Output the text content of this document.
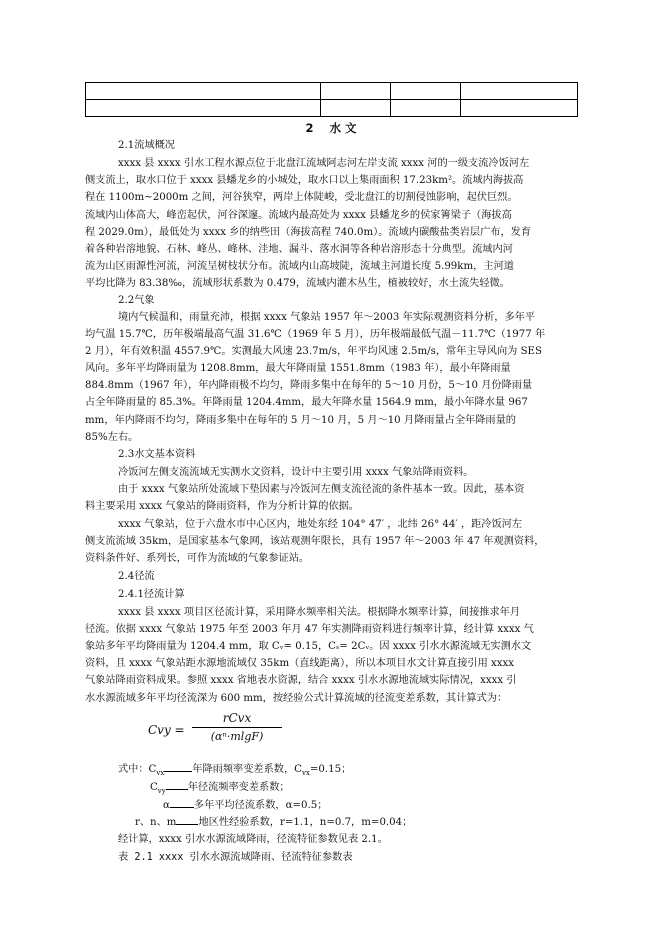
2 水 文
2.1流域概况
xxxx 县 xxxx 引水工程水源点位于北盘江流域阿志河左岸支流 xxxx 河的一级支流冷饭河左
侧支流上，取水口位于 xxxx 县蟠龙乡的小城处，取水口以上集雨面积 17.23km²。流域内海拔高
程在 1100m~2000m 之间，河谷狭窄，两岸上体陡峻，受北盘江的切割侵蚀影响，起伏巨烈。
流域内山体高大，峰峦起伏，河谷深邃。流域内最高处为 xxxx 县蟠龙乡的侯家箐梁子（海拔高
程 2029.0m），最低处为 xxxx 乡的纳些田（海拔高程 740.0m）。流域内碳酸盐类岩层广布，发育
着各种岩溶地貌、石林、峰丛、峰林、洼地、漏斗、落水洞等各种岩溶形态十分典型。流域内河
流为山区雨源性河流，河流呈树枝状分布。流域内山高坡陡，流域主河道长度 5.99km，主河道
平均比降为 83.38‰，流域形状系数为 0.479，流域内灌木丛生，植被较好，水土流失轻微。
2.2气象
境内气候温和，雨量充沛，根据 xxxx 气象站 1957 年～2003 年实际观测资料分析，多年平
均气温 15.7℃，历年极端最高气温 31.6℃（1969 年 5 月），历年极端最低气温－11.7℃（1977 年
2 月），年有效积温 4557.9℃。实测最大风速 23.7m/s，年平均风速 2.5m/s，常年主导风向为 SES
风向。多年平均降雨量为 1208.8mm，最大年降雨量 1551.8mm（1983 年），最小年降雨量
884.8mm（1967 年），年内降雨极不均匀，降雨多集中在每年的 5～10 月份，5～10 月份降雨量
占全年降雨量的 85.3%。年降雨量 1204.4mm，最大年降水量 1564.9 mm，最小年降水量 967
mm，年内降雨不均匀，降雨多集中在每年的 5 月～10 月，5 月～10 月降雨量占全年降雨量的
85%左右。
2.3水文基本资料
冷饭河左侧支流流域无实测水文资料，设计中主要引用 xxxx 气象站降雨资料。
由于 xxxx 气象站所处流域下垫因素与冷饭河左侧支流径流的条件基本一致。因此，基本资
料主要采用 xxxx 气象站的降雨资料，作为分析计算的依据。
xxxx 气象站，位于六盘水市中心区内，地处东经 104° 47′ ，北纬 26° 44′ ，距冷饭河左
侧支流流域 35km，是国家基本气象网，该站观测年限长，具有 1957 年～2003 年 47 年观测资料，
资料条件好、系列长，可作为流域的气象参证站。
2.4径流
2.4.1径流计算
xxxx 县 xxxx 项目区径流计算，采用降水频率相关法。根据降水频率计算，间接推求年月
径流。依据 xxxx 气象站 1975 年至 2003 年月 47 年实测降雨资料进行频率计算，经计算 xxxx 气
象站多年平均降雨量为 1204.4 mm，取 Cᵥ= 0.15，Cₛ= 2Cᵥ。因 xxxx 引水水源流域无实测水文
资料，且 xxxx 气象站距水源地流域仅 35km（直线距离），所以本项目水文计算直接引用 xxxx
气象站降雨资料成果。参照 xxxx 省地表水资源，结合 xxxx 引水水源地流域实际情况，xxxx 引
水水源流域多年平均径流深为 600 mm，按经验公式计算流域的径流变差系数，其计算式为：
Cvy =
rCvx
(αⁿ·mlgF)
式中：$C_{vx}$	年降雨频率变差系数，$C_{vx}=0.15$；
$C_{vy}$ 年径流频率变差系数；
α 多年平均径流系数，α=0.5；
r、n、m 地区性经验系数，r=1.1，n=0.7，m=0.04；
经计算，xxxx 引水水源流域降雨，径流特征参数见表 2.1。
表 2.1 xxxx 引水水源流域降雨、径流特征参数表
